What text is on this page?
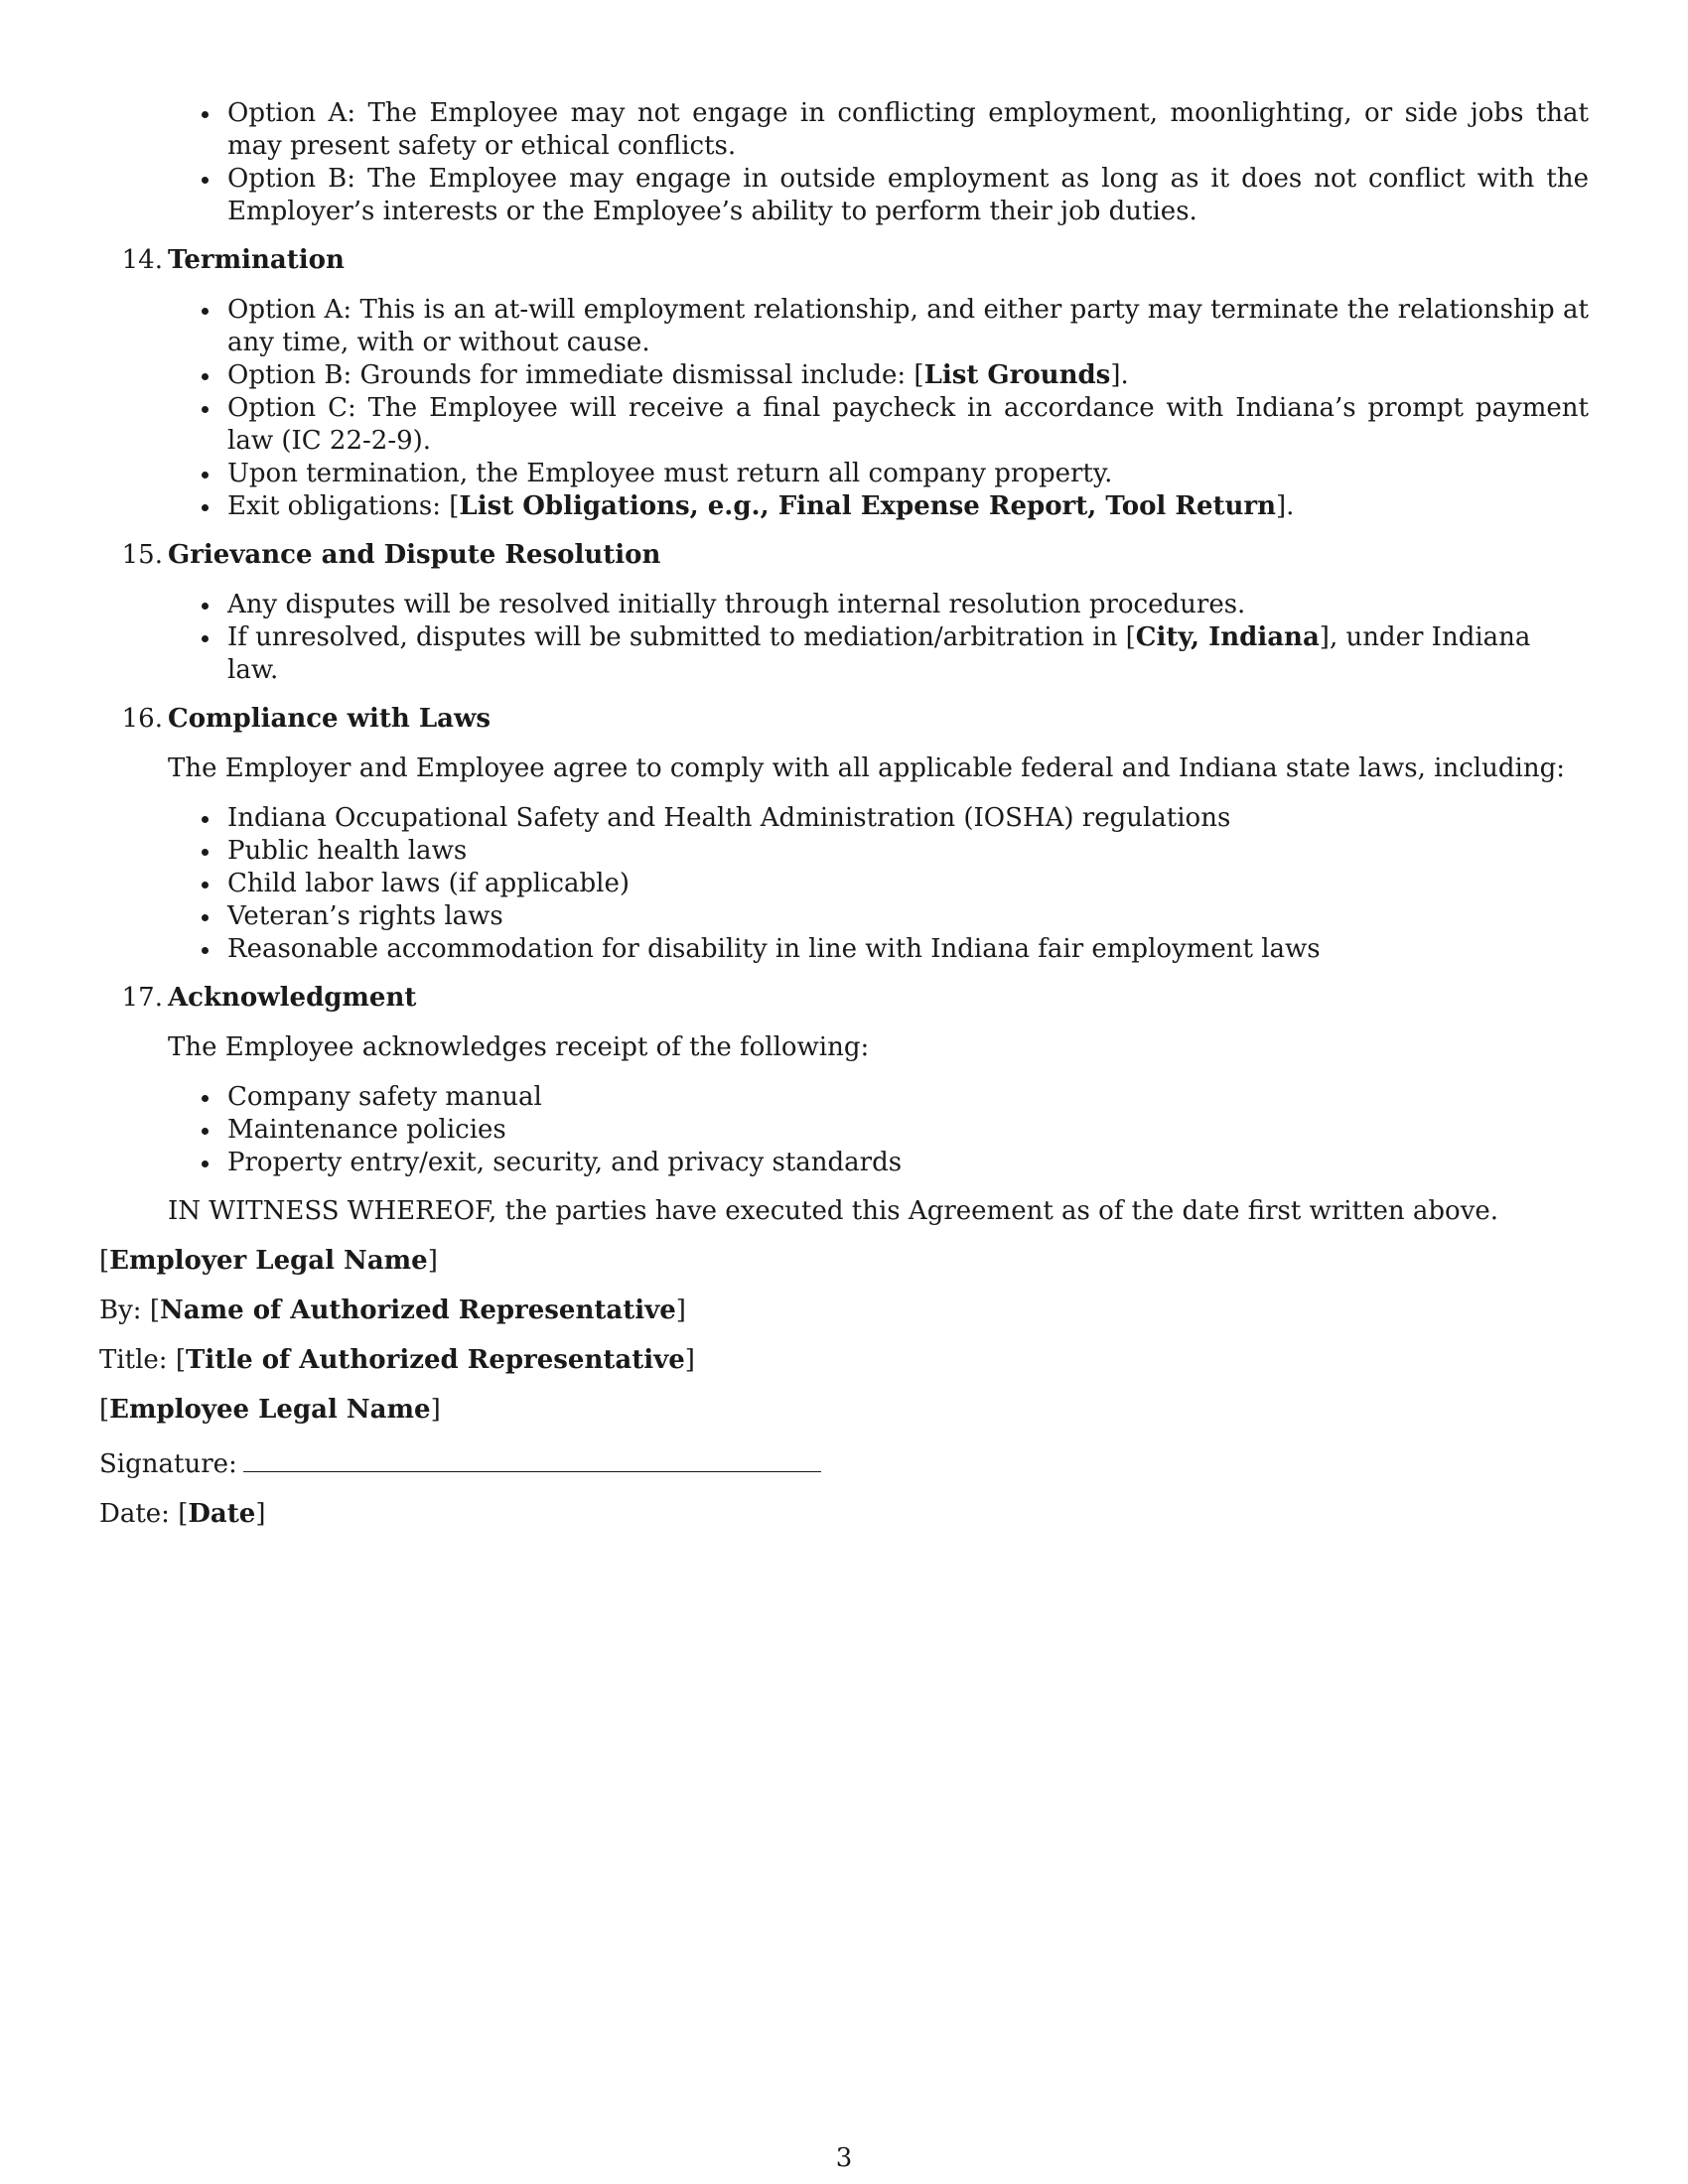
Option A: The Employee may not engage in conflicting employment, moonlighting, or side jobs that may present safety or ethical conflicts.
Option B: The Employee may engage in outside employment as long as it does not conflict with the Employer’s interests or the Employee’s ability to perform their job duties.
14. Termination
Option A: This is an at-will employment relationship, and either party may terminate the relationship at any time, with or without cause.
Option B: Grounds for immediate dismissal include: [List Grounds].
Option C: The Employee will receive a final paycheck in accordance with Indiana’s prompt payment law (IC 22-2-9).
Upon termination, the Employee must return all company property.
Exit obligations: [List Obligations, e.g., Final Expense Report, Tool Return].
15. Grievance and Dispute Resolution
Any disputes will be resolved initially through internal resolution procedures.
If unresolved, disputes will be submitted to mediation/arbitration in [City, Indiana], under Indiana law.
16. Compliance with Laws

The Employer and Employee agree to comply with all applicable federal and Indiana state laws, including:

Indiana Occupational Safety and Health Administration (IOSHA) regulations
Public health laws
Child labor laws (if applicable)
Veteran’s rights laws
Reasonable accommodation for disability in line with Indiana fair employment laws
17. Acknowledgment

The Employee acknowledges receipt of the following:

Company safety manual
Maintenance policies
Property entry/exit, security, and privacy standards

IN WITNESS WHEREOF, the parties have executed this Agreement as of the date first written above.

[Employer Legal Name]
By: [Name of Authorized Representative]
Title: [Title of Authorized Representative]
[Employee Legal Name]
Signature:
Date: [Date]
3
